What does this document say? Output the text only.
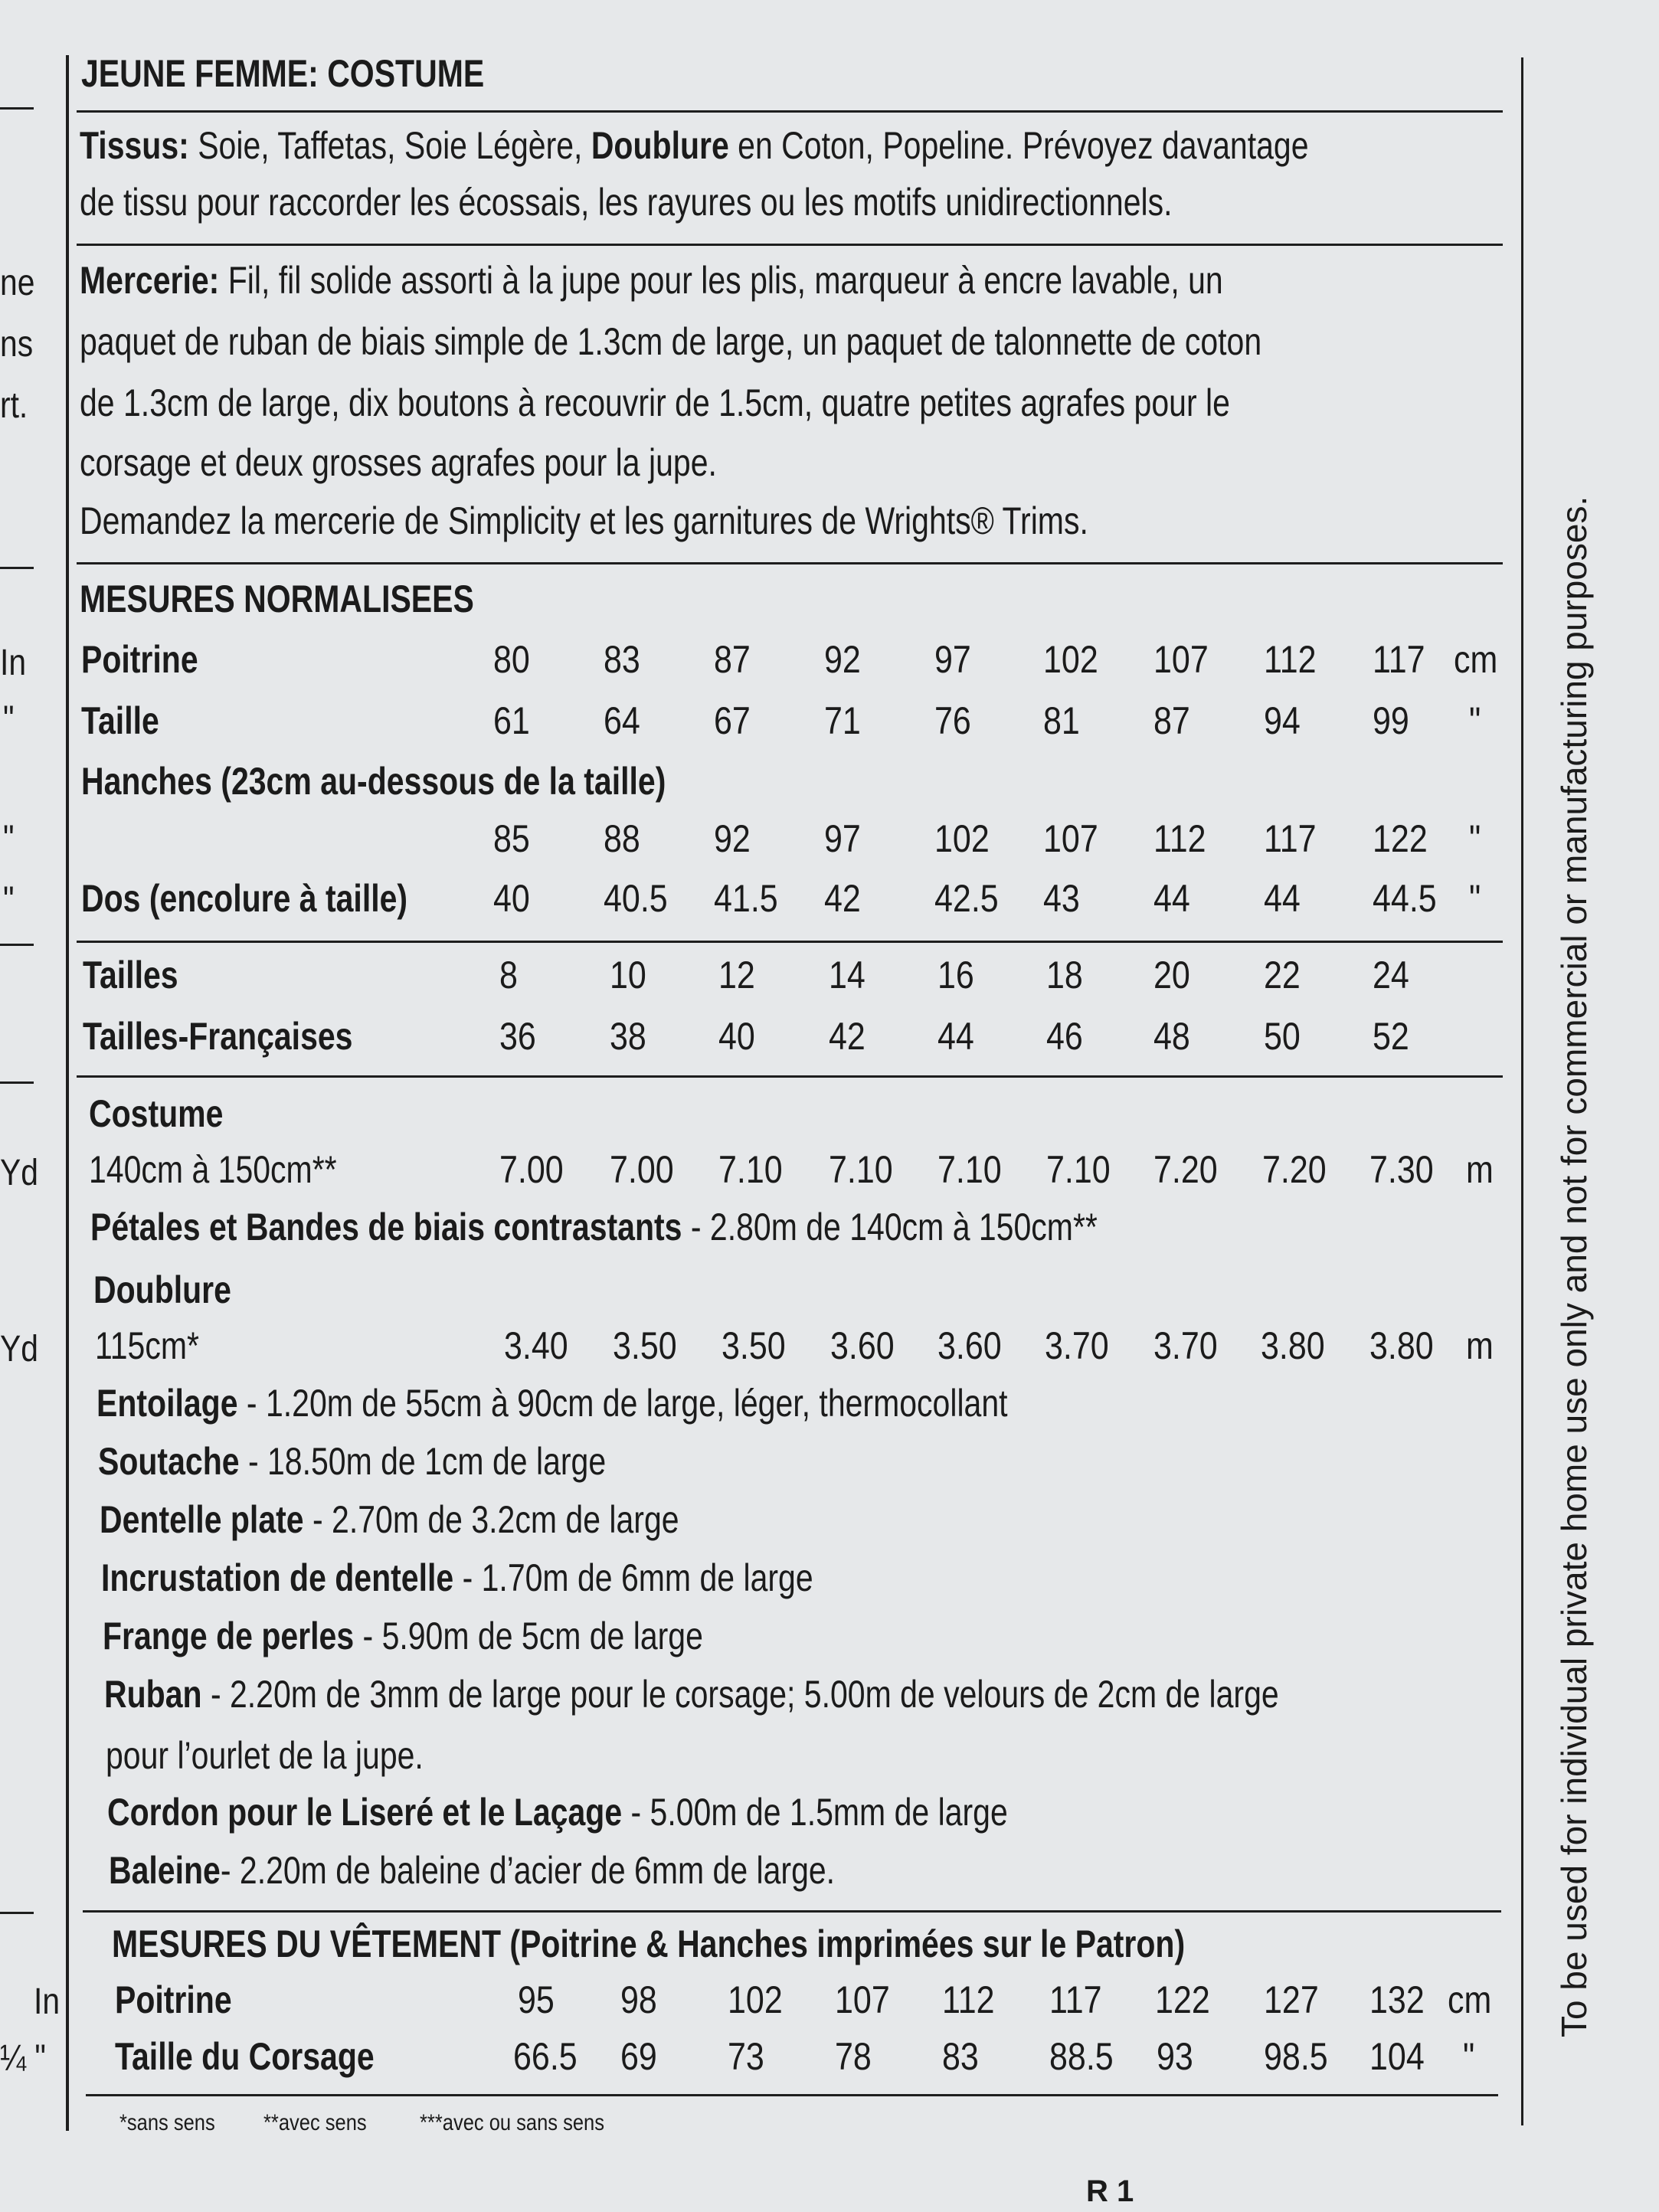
ne
ns
rt.
In
"
"
"
Yd
Yd
In
¼ "
JEUNE FEMME: COSTUME
Tissus: Soie, Taffetas, Soie Légère, Doublure en Coton, Popeline. Prévoyez davantage
de tissu pour raccorder les écossais, les rayures ou les motifs unidirectionnels.
Mercerie: Fil, fil solide assorti à la jupe pour les plis, marqueur à encre lavable, un
paquet de ruban de biais simple de 1.3cm de large, un paquet de talonnette de coton
de 1.3cm de large, dix boutons à recouvrir de 1.5cm, quatre petites agrafes pour le
corsage et deux grosses agrafes pour la jupe.
Demandez la mercerie de Simplicity et les garnitures de Wrights® Trims.
MESURES NORMALISEES
Poitrine	80 83 87 92 97 102 107 112 117 cm
Taille	61 64 67 71 76 81 87 94 99 "
Hanches (23cm au-dessous de la taille)
85 88 92 97 102 107 112 117 122 "
Dos (encolure à taille) 40 40.5 41.5 42 42.5 43 44 44 44.5 "
Tailles	8 10 12 14 16 18 20 22 24
Tailles-Françaises	36 38 40 42 44 46 48 50 52
Costume
140cm à 150cm**	7.00 7.00 7.10 7.10 7.10 7.10 7.20 7.20 7.30 m
Pétales et Bandes de biais contrastants - 2.80m de 140cm à 150cm**
Doublure
115cm*	3.40 3.50 3.50 3.60 3.60 3.70 3.70 3.80 3.80 m
Entoilage - 1.20m de 55cm à 90cm de large, léger, thermocollant
Soutache - 18.50m de 1cm de large
Dentelle plate - 2.70m de 3.2cm de large
Incrustation de dentelle - 1.70m de 6mm de large
Frange de perles - 5.90m de 5cm de large
Ruban - 2.20m de 3mm de large pour le corsage; 5.00m de velours de 2cm de large
pour l’ourlet de la jupe.
Cordon pour le Liseré et le Laçage - 5.00m de 1.5mm de large
Baleine- 2.20m de baleine d’acier de 6mm de large.
MESURES DU VÊTEMENT (Poitrine & Hanches imprimées sur le Patron)
Poitrine	95 98 102 107 112 117 122 127 132 cm
Taille du Corsage	66.5 69 73 78 83 88.5 93 98.5 104 "
*sans sens **avec sens ***avec ou sans sens
R 1
To be used for individual private home use only and not for commercial or manufacturing purposes.
